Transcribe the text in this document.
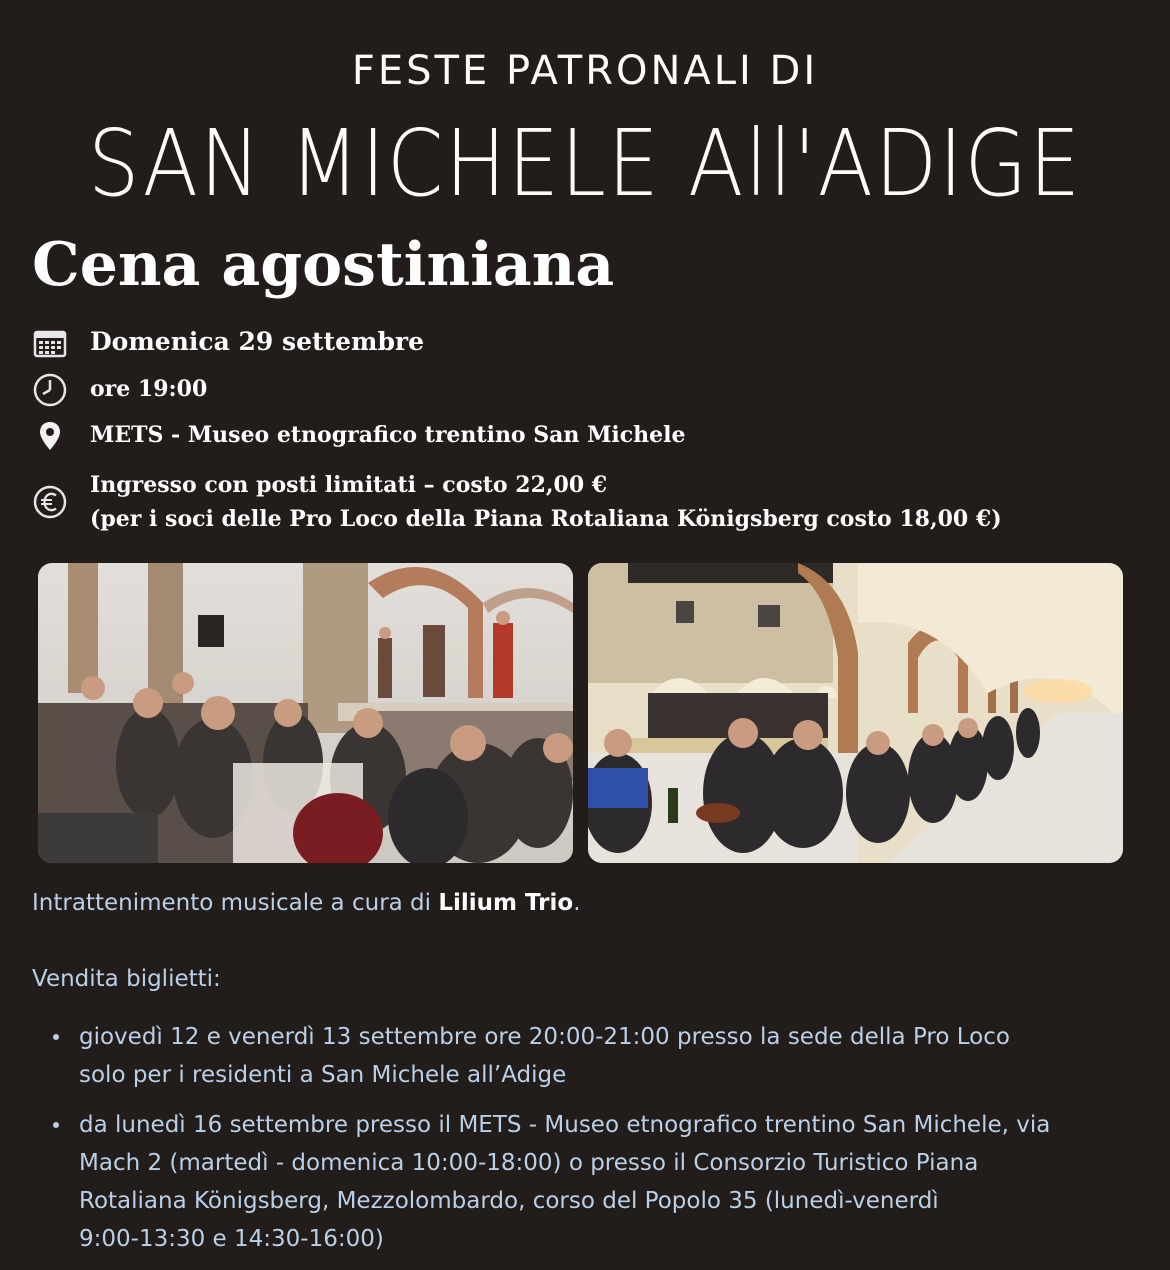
FESTE PATRONALI DI
SAN MICHELE All'ADIGE
Cena agostiniana
Domenica 29 settembre
ore 19:00
METS - Museo etnografico trentino San Michele
Ingresso con posti limitati – costo 22,00 €
(per i soci delle Pro Loco della Piana Rotaliana Königsberg costo 18,00 €)
Intrattenimento musicale a cura di Lilium Trio.
Vendita biglietti:
giovedì 12 e venerdì 13 settembre ore 20:00-21:00 presso la sede della Pro Loco
solo per i residenti a San Michele all’Adige
da lunedì 16 settembre presso il METS - Museo etnografico trentino San Michele, via
Mach 2 (martedì - domenica 10:00-18:00) o presso il Consorzio Turistico Piana
Rotaliana Königsberg, Mezzolombardo, corso del Popolo 35 (lunedì-venerdì
9:00-13:30 e 14:30-16:00)
